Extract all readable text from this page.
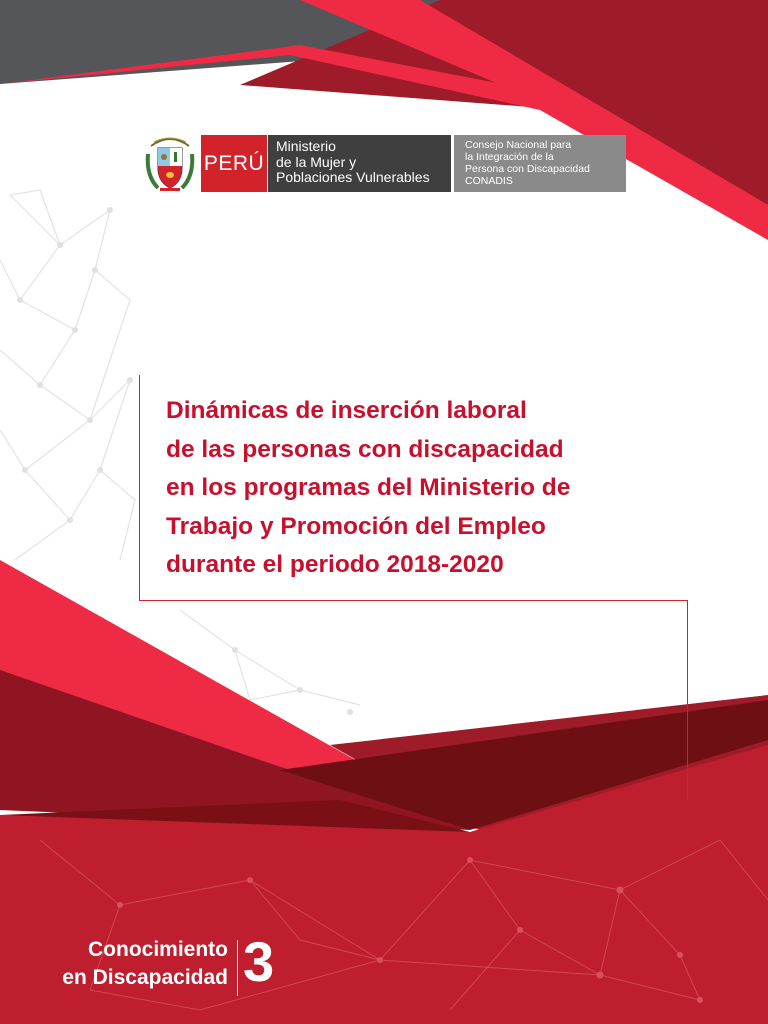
PERÚ
Ministerio
de la Mujer y
Poblaciones Vulnerables
Consejo Nacional para
la Integración de la
Persona con Discapacidad
CONADIS
Dinámicas de inserción laboral
de las personas con discapacidad
en los programas del Ministerio de
Trabajo y Promoción del Empleo
durante el periodo 2018-2020
Conocimiento
en Discapacidad 3
